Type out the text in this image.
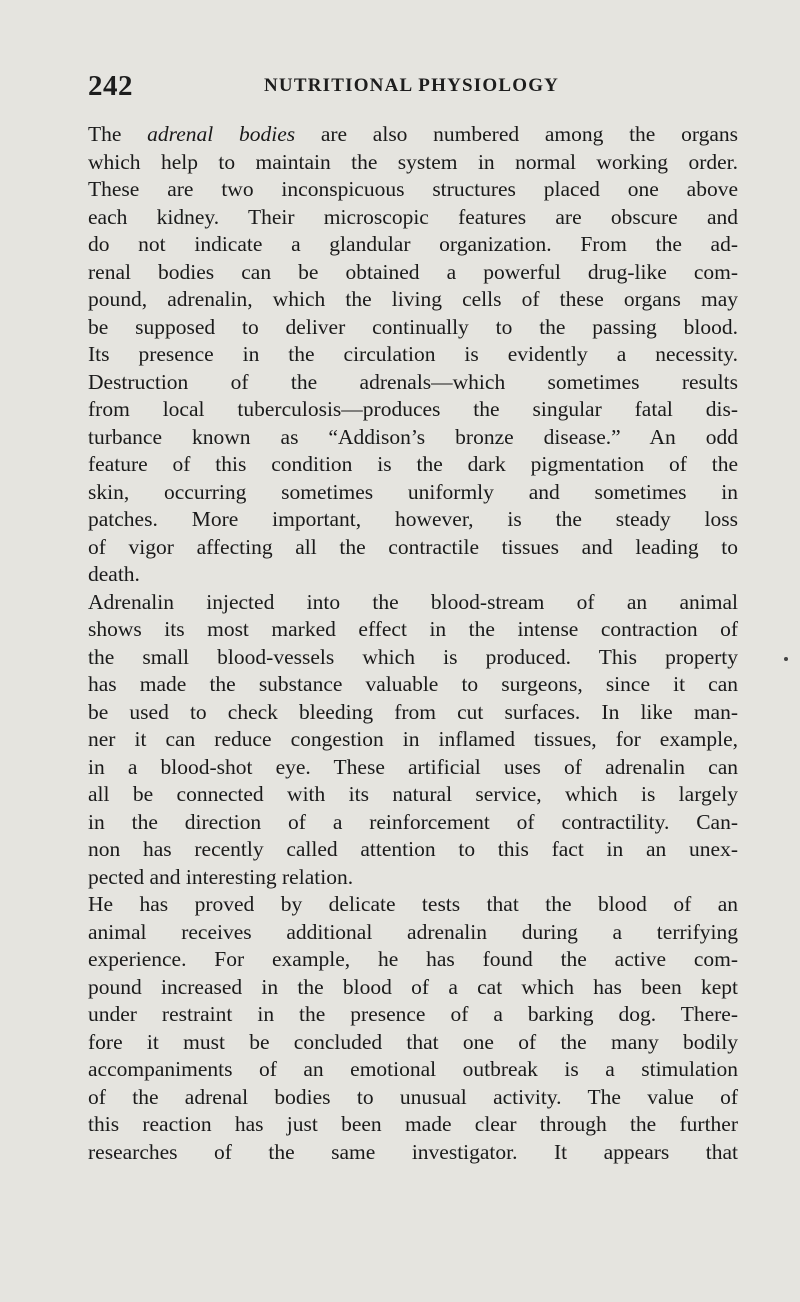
242	NUTRITIONAL PHYSIOLOGY
The adrenal bodies are also numbered among the organs
which help to maintain the system in normal working order.
These are two inconspicuous structures placed one above
each kidney. Their microscopic features are obscure and
do not indicate a glandular organization. From the ad-
renal bodies can be obtained a powerful drug-like com-
pound, adrenalin, which the living cells of these organs may
be supposed to deliver continually to the passing blood.
Its presence in the circulation is evidently a necessity.
Destruction of the adrenals—which sometimes results
from local tuberculosis—produces the singular fatal dis-
turbance known as “Addison’s bronze disease.” An odd
feature of this condition is the dark pigmentation of the
skin, occurring sometimes uniformly and sometimes in
patches. More important, however, is the steady loss
of vigor affecting all the contractile tissues and leading to
death.
Adrenalin injected into the blood-stream of an animal
shows its most marked effect in the intense contraction of
the small blood-vessels which is produced. This property
has made the substance valuable to surgeons, since it can
be used to check bleeding from cut surfaces. In like man-
ner it can reduce congestion in inflamed tissues, for example,
in a blood-shot eye. These artificial uses of adrenalin can
all be connected with its natural service, which is largely
in the direction of a reinforcement of contractility. Can-
non has recently called attention to this fact in an unex-
pected and interesting relation.
He has proved by delicate tests that the blood of an
animal receives additional adrenalin during a terrifying
experience. For example, he has found the active com-
pound increased in the blood of a cat which has been kept
under restraint in the presence of a barking dog. There-
fore it must be concluded that one of the many bodily
accompaniments of an emotional outbreak is a stimulation
of the adrenal bodies to unusual activity. The value of
this reaction has just been made clear through the further
researches of the same investigator. It appears that
